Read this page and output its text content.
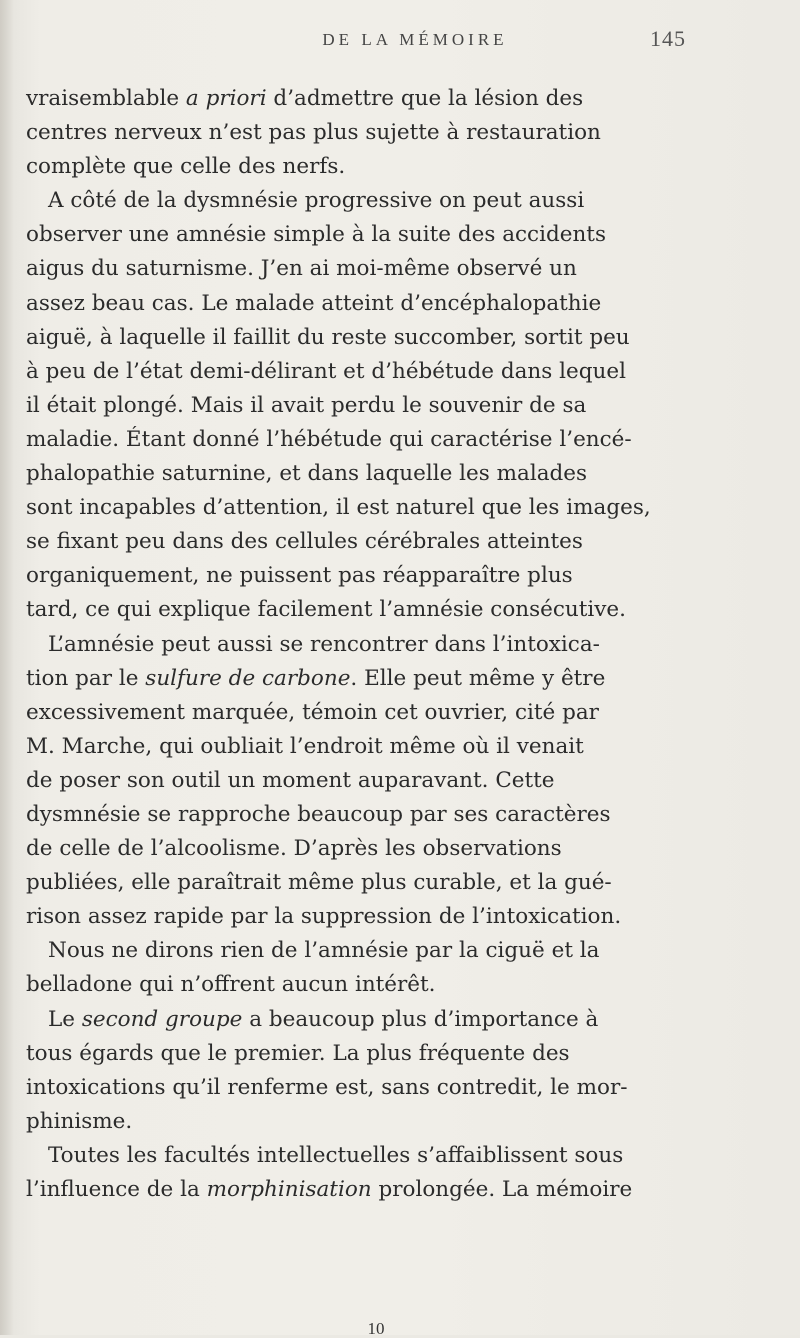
DE LA MÉMOIRE	145
vraisemblable a priori d’admettre que la lésion des
centres nerveux n’est pas plus sujette à restauration
complète que celle des nerfs.
A côté de la dysmnésie progressive on peut aussi
observer une amnésie simple à la suite des accidents
aigus du saturnisme. J’en ai moi-même observé un
assez beau cas. Le malade atteint d’encéphalopathie
aiguë, à laquelle il faillit du reste succomber, sortit peu
à peu de l’état demi-délirant et d’hébétude dans lequel
il était plongé. Mais il avait perdu le souvenir de sa
maladie. Étant donné l’hébétude qui caractérise l’encé-
phalopathie saturnine, et dans laquelle les malades
sont incapables d’attention, il est naturel que les images,
se fixant peu dans des cellules cérébrales atteintes
organiquement, ne puissent pas réapparaître plus
tard, ce qui explique facilement l’amnésie consécutive.
L’amnésie peut aussi se rencontrer dans l’intoxica-
tion par le sulfure de carbone. Elle peut même y être
excessivement marquée, témoin cet ouvrier, cité par
M. Marche, qui oubliait l’endroit même où il venait
de poser son outil un moment auparavant. Cette
dysmnésie se rapproche beaucoup par ses caractères
de celle de l’alcoolisme. D’après les observations
publiées, elle paraîtrait même plus curable, et la gué-
rison assez rapide par la suppression de l’intoxication.
Nous ne dirons rien de l’amnésie par la ciguë et la
belladone qui n’offrent aucun intérêt.
Le second groupe a beaucoup plus d’importance à
tous égards que le premier. La plus fréquente des
intoxications qu’il renferme est, sans contredit, le mor-
phinisme.
Toutes les facultés intellectuelles s’affaiblissent sous
l’influence de la morphinisation prolongée. La mémoire
10
